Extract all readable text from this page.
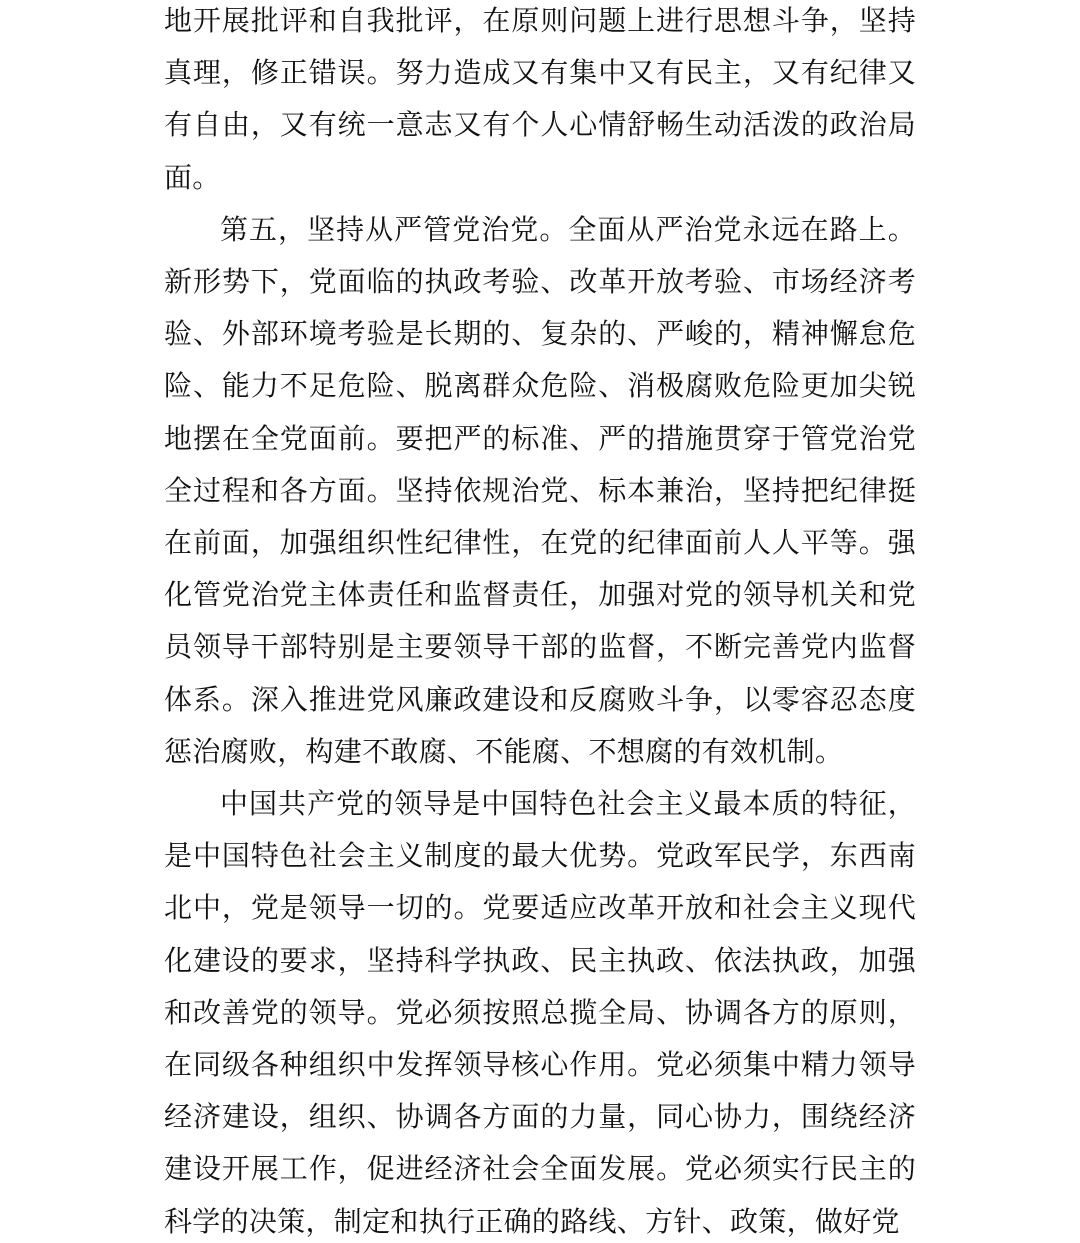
地开展批评和自我批评，在原则问题上进行思想斗争，坚持真理，修正错误。努力造成又有集中又有民主，又有纪律又有自由，又有统一意志又有个人心情舒畅生动活泼的政治局面。

第五，坚持从严管党治党。全面从严治党永远在路上。新形势下，党面临的执政考验、改革开放考验、市场经济考验、外部环境考验是长期的、复杂的、严峻的，精神懈怠危险、能力不足危险、脱离群众危险、消极腐败危险更加尖锐地摆在全党面前。要把严的标准、严的措施贯穿于管党治党全过程和各方面。坚持依规治党、标本兼治，坚持把纪律挺在前面，加强组织性纪律性，在党的纪律面前人人平等。强化管党治党主体责任和监督责任，加强对党的领导机关和党员领导干部特别是主要领导干部的监督，不断完善党内监督体系。深入推进党风廉政建设和反腐败斗争，以零容忍态度惩治腐败，构建不敢腐、不能腐、不想腐的有效机制。

中国共产党的领导是中国特色社会主义最本质的特征，是中国特色社会主义制度的最大优势。党政军民学，东西南北中，党是领导一切的。党要适应改革开放和社会主义现代化建设的要求，坚持科学执政、民主执政、依法执政，加强和改善党的领导。党必须按照总揽全局、协调各方的原则，在同级各种组织中发挥领导核心作用。党必须集中精力领导经济建设，组织、协调各方面的力量，同心协力，围绕经济建设开展工作，促进经济社会全面发展。党必须实行民主的科学的决策，制定和执行正确的路线、方针、政策，做好党
